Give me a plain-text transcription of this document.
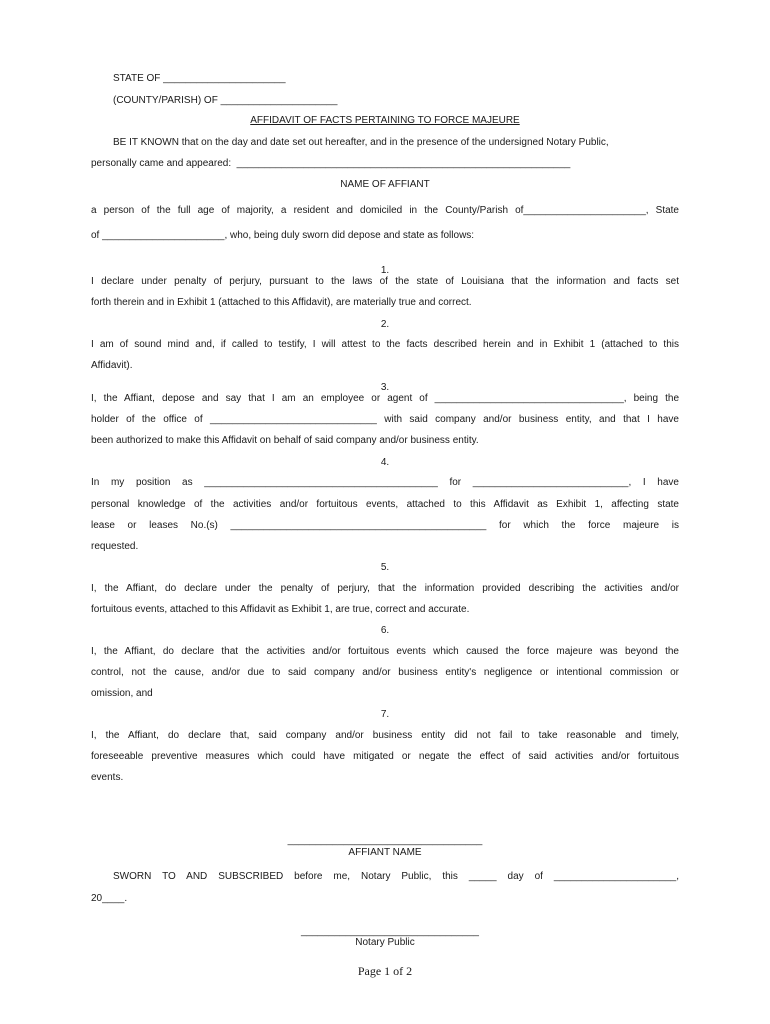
STATE OF ______________________
(COUNTY/PARISH) OF _____________________
AFFIDAVIT OF FACTS PERTAINING TO FORCE MAJEURE
BE IT KNOWN that on the day and date set out hereafter, and in the presence of the undersigned Notary Public,
personally came and appeared:  ____________________________________________________________
NAME OF AFFIANT
a person of the full age of majority, a resident and domiciled in the County/Parish of______________________, State
of ______________________, who, being duly sworn did depose and state as follows:
1.
I declare under penalty of perjury, pursuant to the laws of the state of Louisiana that the information and facts set
forth therein and in Exhibit 1 (attached to this Affidavit), are materially true and correct.
2.
I am of sound mind and, if called to testify, I will attest to the facts described herein and in Exhibit 1 (attached to this
Affidavit).
3.
I, the Affiant, depose and say that I am an employee or agent of __________________________________, being the
holder of the office of ______________________________ with said company and/or business entity, and that I have
been authorized to make this Affidavit on behalf of said company and/or business entity.
4.
In my position as __________________________________________ for ____________________________, I have
personal knowledge of the activities and/or fortuitous events, attached to this Affidavit as Exhibit 1, affecting state
lease or leases No.(s) ______________________________________________ for which the force majeure is
requested.
5.
I, the Affiant, do declare under the penalty of perjury, that the information provided describing the activities and/or
fortuitous events, attached to this Affidavit as Exhibit 1, are true, correct and accurate.
6.
I, the Affiant, do declare that the activities and/or fortuitous events which caused the force majeure was beyond the
control, not the cause, and/or due to said company and/or business entity's negligence or intentional commission or
omission, and
7.
I, the Affiant, do declare that, said company and/or business entity did not fail to take reasonable and timely,
foreseeable preventive measures which could have mitigated or negate the effect of said activities and/or fortuitous
events.
___________________________________
AFFIANT NAME
SWORN TO AND SUBSCRIBED before me, Notary Public, this _____ day of ______________________,
20____.
________________________________
Notary Public
Page 1 of 2
